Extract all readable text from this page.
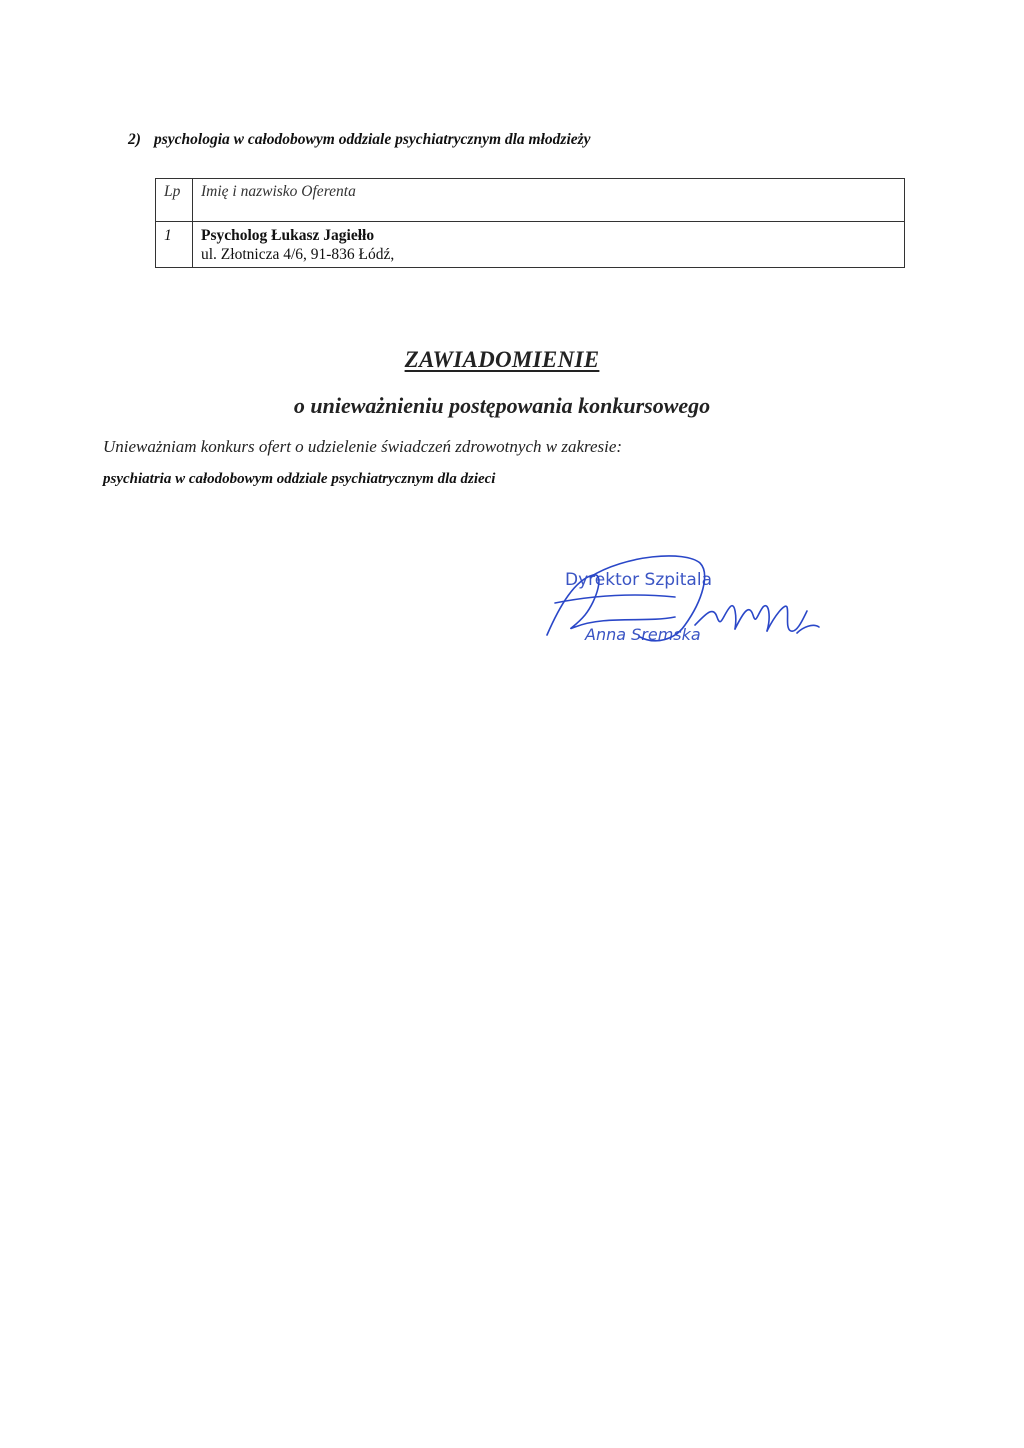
2) psychologia w całodobowym oddziale psychiatrycznym dla młodzieży
Lp	Imię i nazwisko Oferenta
1	Psycholog Łukasz Jagiełło
ul. Złotnicza 4/6, 91-836 Łódź,
ZAWIADOMIENIE
o unieważnieniu postępowania konkursowego
Unieważniam konkurs ofert o udzielenie świadczeń zdrowotnych w zakresie:
psychiatria w całodobowym oddziale psychiatrycznym dla dzieci
Dyrektor Szpitala
Anna Sremska
